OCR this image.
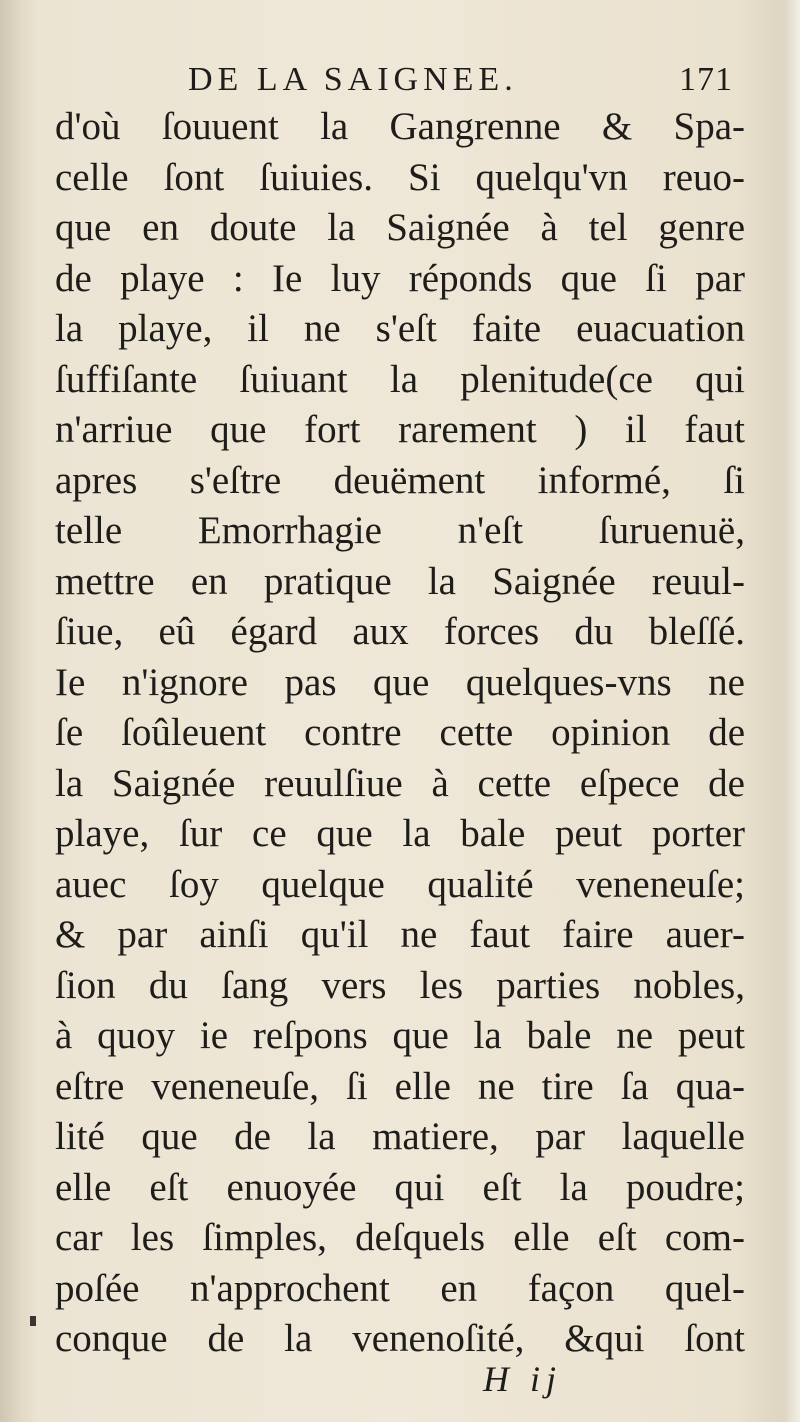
DE LA SAIGNEE.	171
d'où ſouuent la Gangrenne & Spa-
celle ſont ſuiuies. Si quelqu'vn reuo-
que en doute la Saignée à tel genre
de playe : Ie luy réponds que ſi par
la playe, il ne s'eſt faite euacuation
ſuffiſante ſuiuant la plenitude(ce qui
n'arriue que fort rarement ) il faut
apres s'eſtre deuëment informé, ſi
telle Emorrhagie n'eſt ſuruenuë,
mettre en pratique la Saignée reuul-
ſiue, eû égard aux forces du bleſſé.
Ie n'ignore pas que quelques-vns ne
ſe ſoûleuent contre cette opinion de
la Saignée reuulſiue à cette eſpece de
playe, ſur ce que la bale peut porter
auec ſoy quelque qualité veneneuſe;
& par ainſi qu'il ne faut faire auer-
ſion du ſang vers les parties nobles,
à quoy ie reſpons que la bale ne peut
eſtre veneneuſe, ſi elle ne tire ſa qua-
lité que de la matiere, par laquelle
elle eſt enuoyée qui eſt la poudre;
car les ſimples, deſquels elle eſt com-
poſée n'approchent en façon quel-
conque de la venenoſité, &qui ſont
H ij
